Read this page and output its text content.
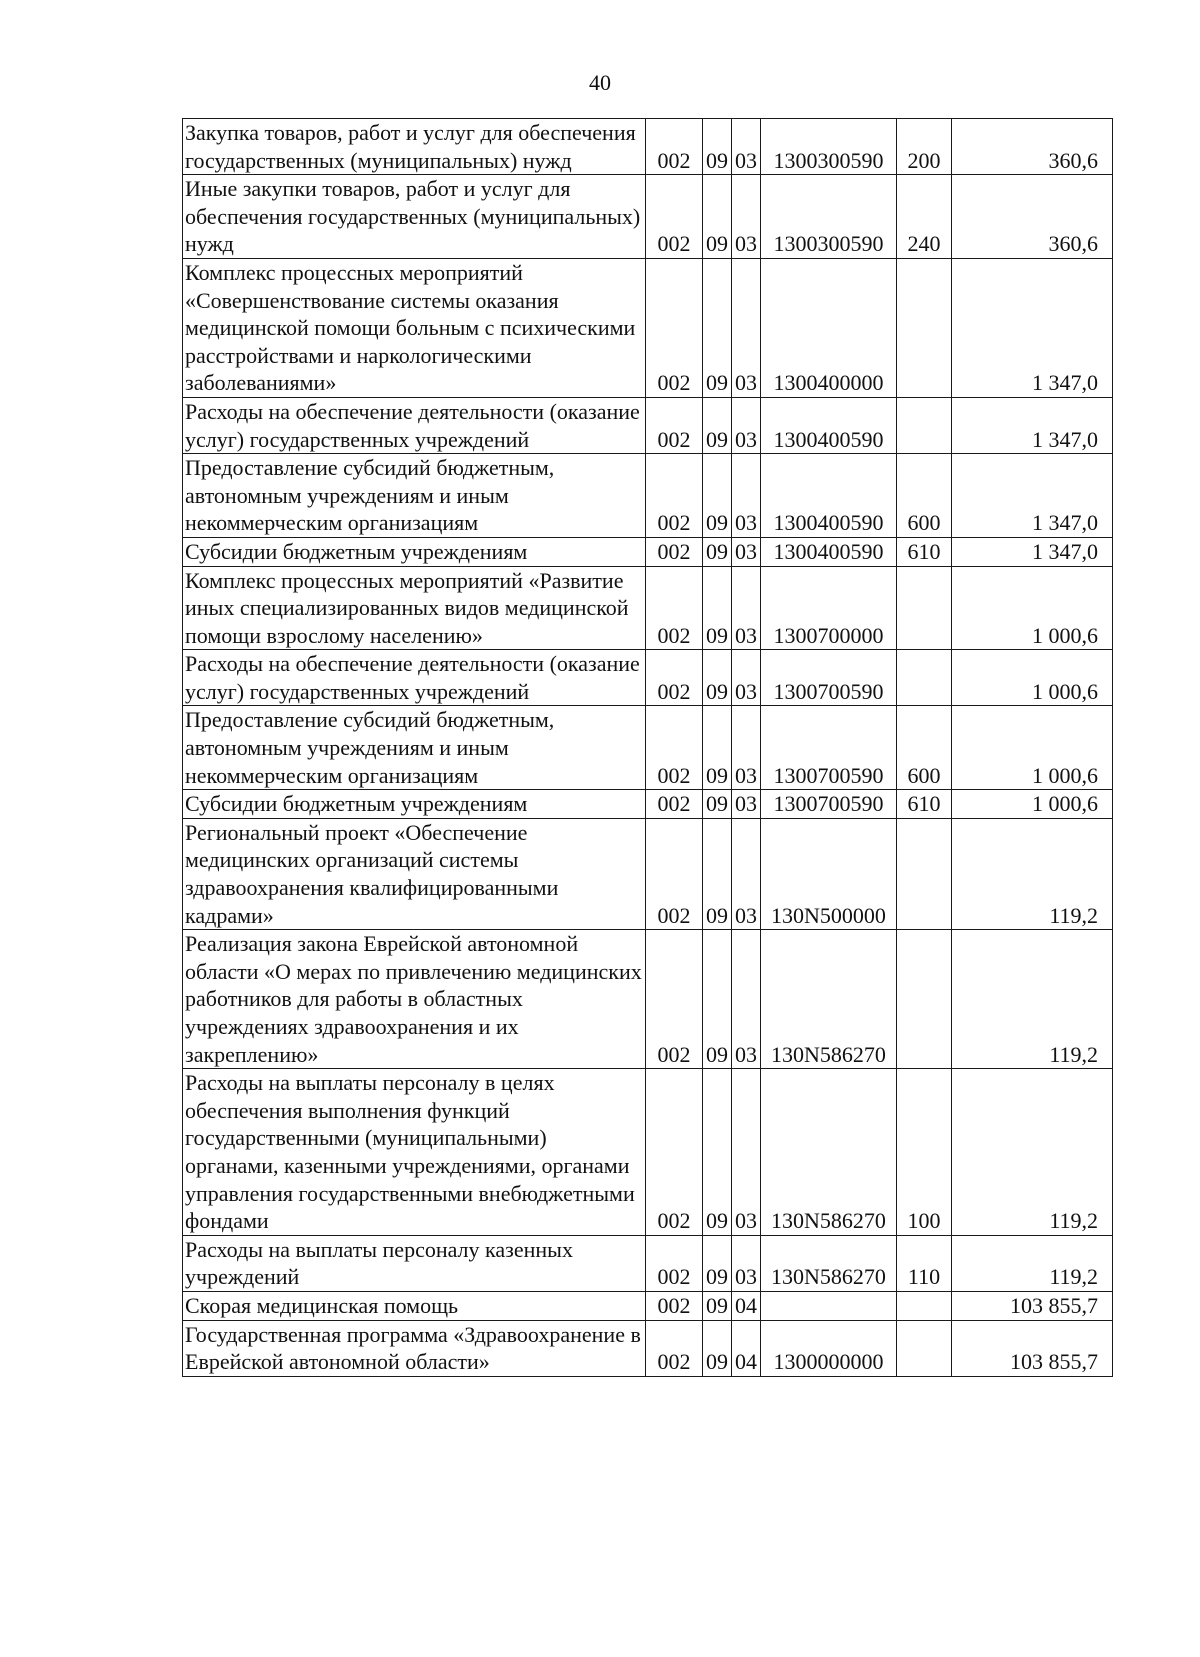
40
Закупка товаров, работ и услуг для обеспечения государственных (муниципальных) нужд	002	09	03	1300300590	200	360,6
Иные закупки товаров, работ и услуг для обеспечения государственных (муниципальных) нужд	002	09	03	1300300590	240	360,6
Комплекс процессных мероприятий «Совершенствование системы оказания медицинской помощи больным с психическими расстройствами и наркологическими заболеваниями»	002	09	03	1300400000		1 347,0
Расходы на обеспечение деятельности (оказание услуг) государственных учреждений	002	09	03	1300400590		1 347,0
Предоставление субсидий бюджетным, автономным учреждениям и иным некоммерческим организациям	002	09	03	1300400590	600	1 347,0
Субсидии бюджетным учреждениям	002	09	03	1300400590	610	1 347,0
Комплекс процессных мероприятий «Развитие иных специализированных видов медицинской помощи взрослому населению»	002	09	03	1300700000		1 000,6
Расходы на обеспечение деятельности (оказание услуг) государственных учреждений	002	09	03	1300700590		1 000,6
Предоставление субсидий бюджетным, автономным учреждениям и иным некоммерческим организациям	002	09	03	1300700590	600	1 000,6
Субсидии бюджетным учреждениям	002	09	03	1300700590	610	1 000,6
Региональный проект «Обеспечение медицинских организаций системы здравоохранения квалифицированными кадрами»	002	09	03	130N500000		119,2
Реализация закона Еврейской автономной области «О мерах по привлечению медицинских работников для работы в областных учреждениях здравоохранения и их закреплению»	002	09	03	130N586270		119,2
Расходы на выплаты персоналу в целях обеспечения выполнения функций государственными (муниципальными) органами, казенными учреждениями, органами управления государственными внебюджетными фондами	002	09	03	130N586270	100	119,2
Расходы на выплаты персоналу казенных учреждений	002	09	03	130N586270	110	119,2
Скорая медицинская помощь	002	09	04			103 855,7
Государственная программа «Здравоохранение в Еврейской автономной области»	002	09	04	1300000000		103 855,7
